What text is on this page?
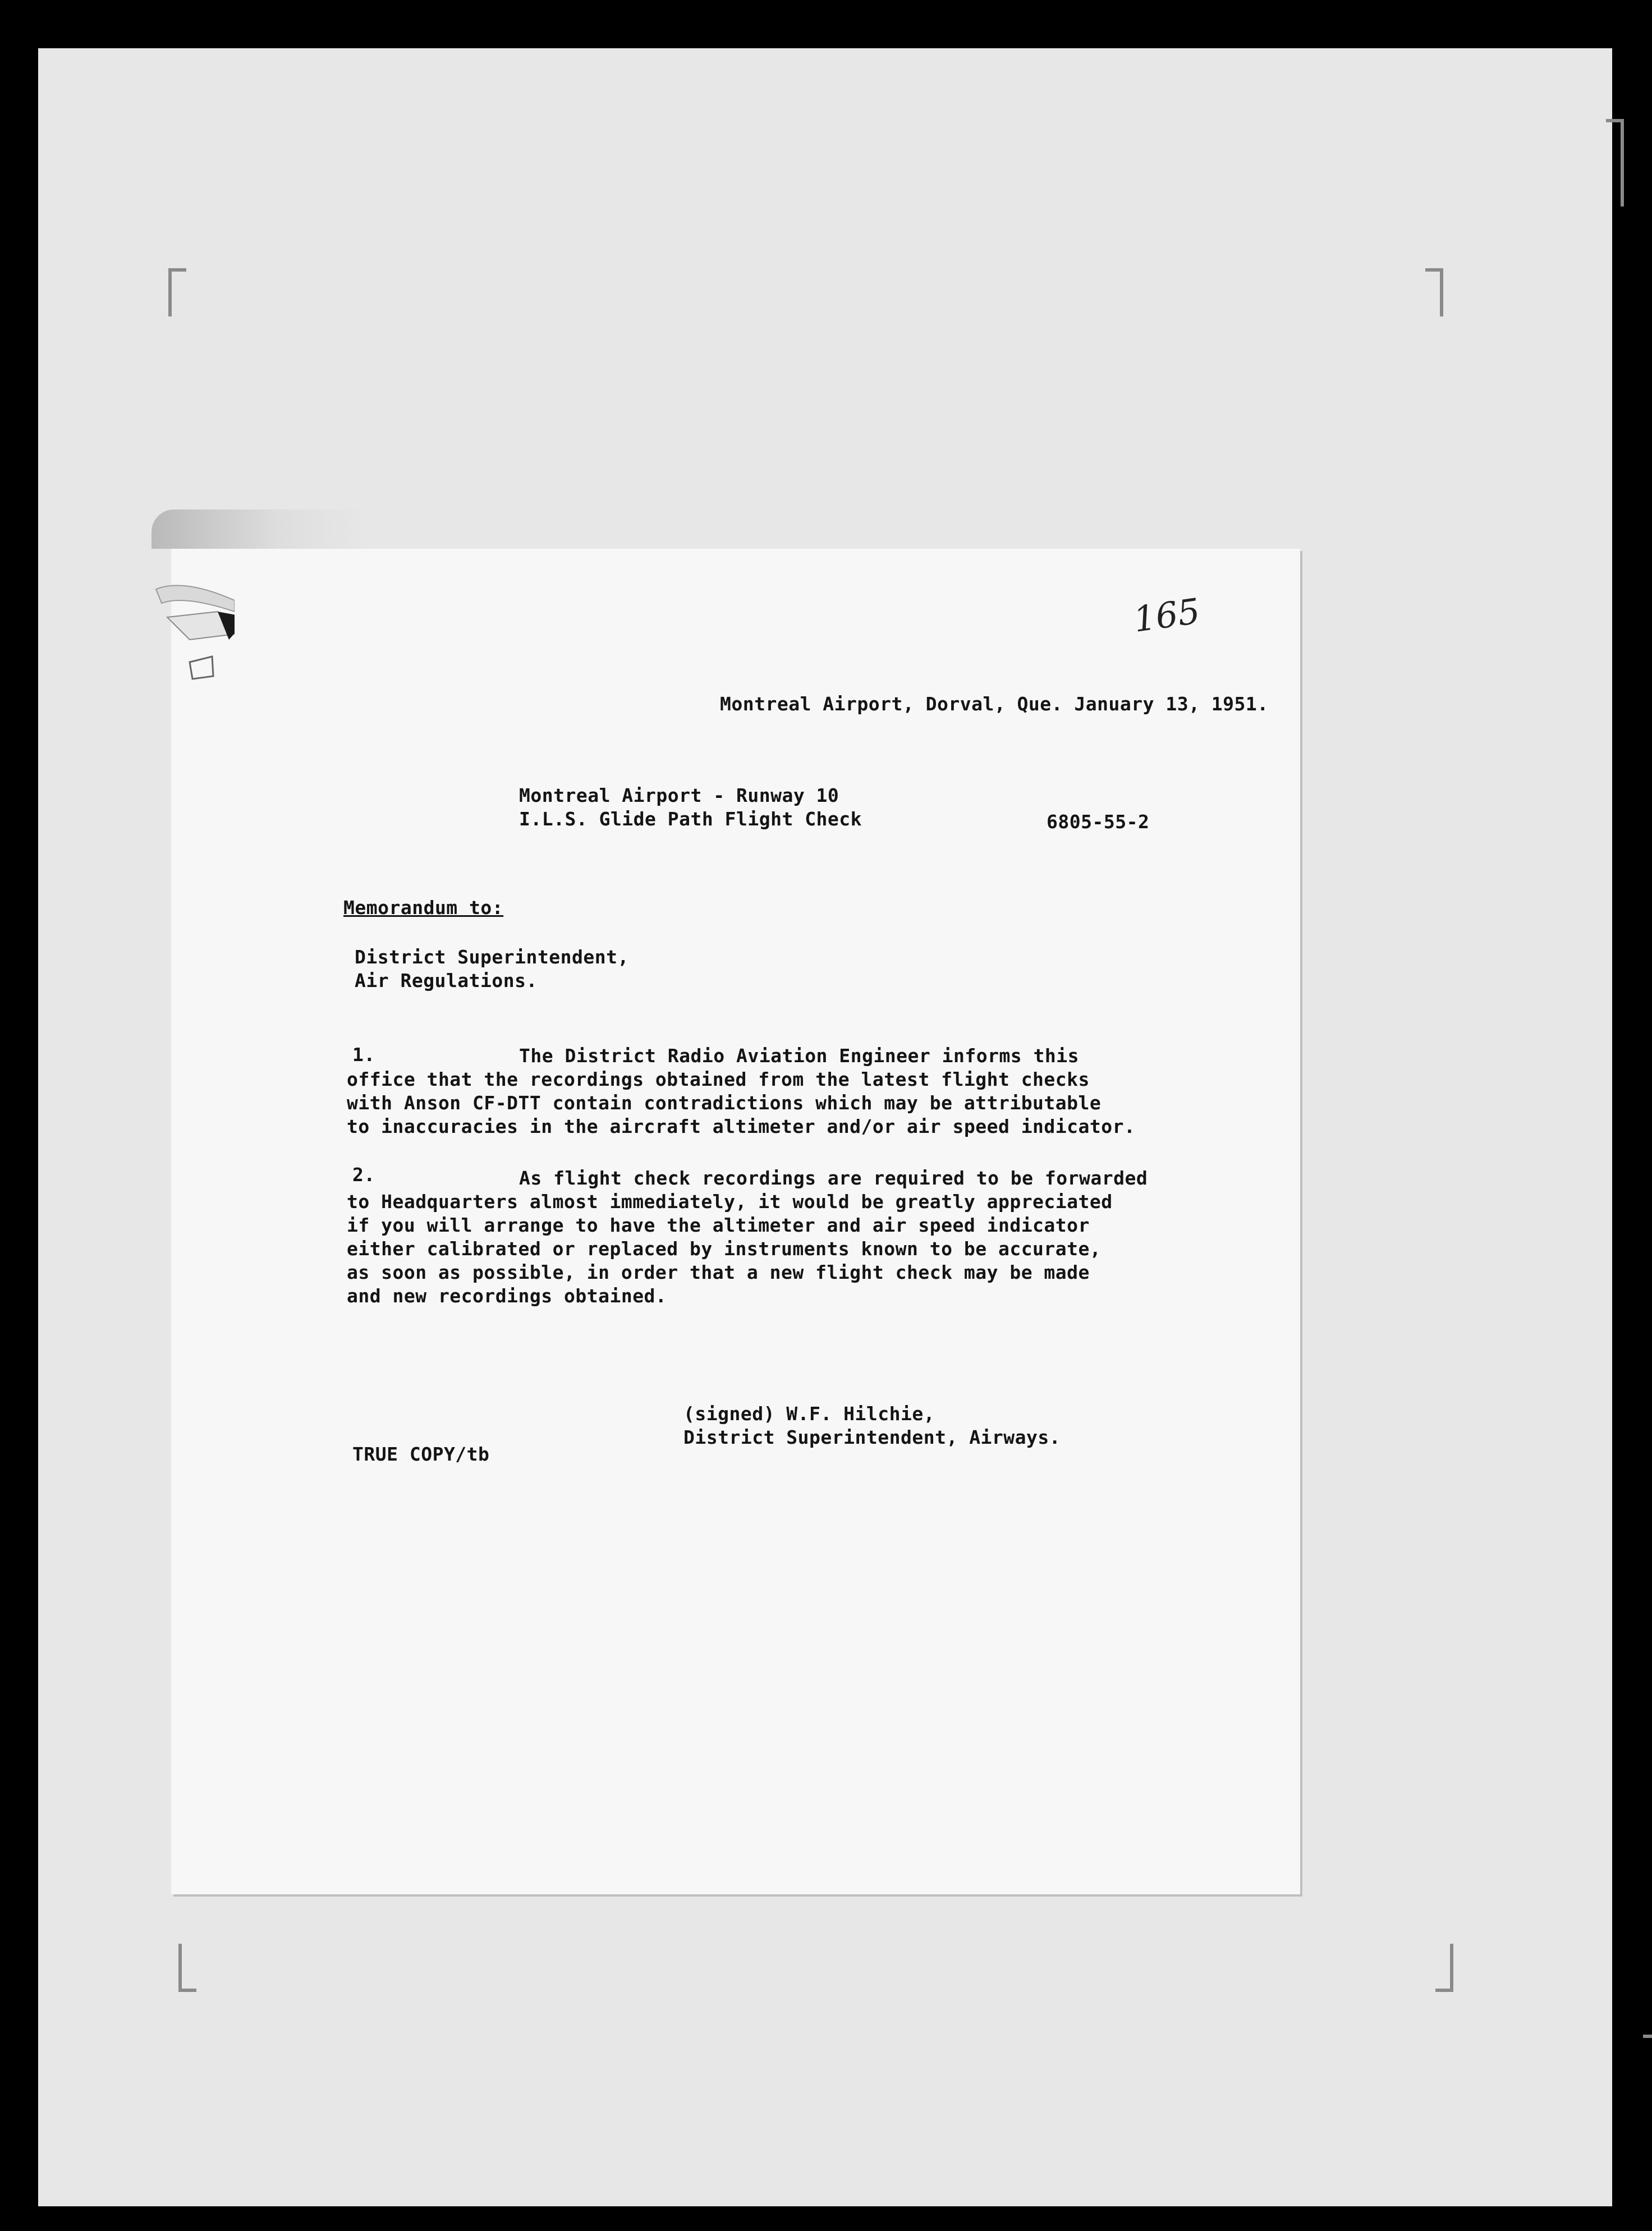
165
Montreal Airport, Dorval, Que. January 13, 1951.
Montreal Airport - Runway 10
I.L.S. Glide Path Flight Check	6805-55-2
Memorandum to:
District Superintendent,
Air Regulations.
1.	The District Radio Aviation Engineer informs this
office that the recordings obtained from the latest flight checks
with Anson CF-DTT contain contradictions which may be attributable
to inaccuracies in the aircraft altimeter and/or air speed indicator.
2.	As flight check recordings are required to be forwarded
to Headquarters almost immediately, it would be greatly appreciated
if you will arrange to have the altimeter and air speed indicator
either calibrated or replaced by instruments known to be accurate,
as soon as possible, in order that a new flight check may be made
and new recordings obtained.
(signed) W.F. Hilchie,
District Superintendent, Airways.
TRUE COPY/tb
